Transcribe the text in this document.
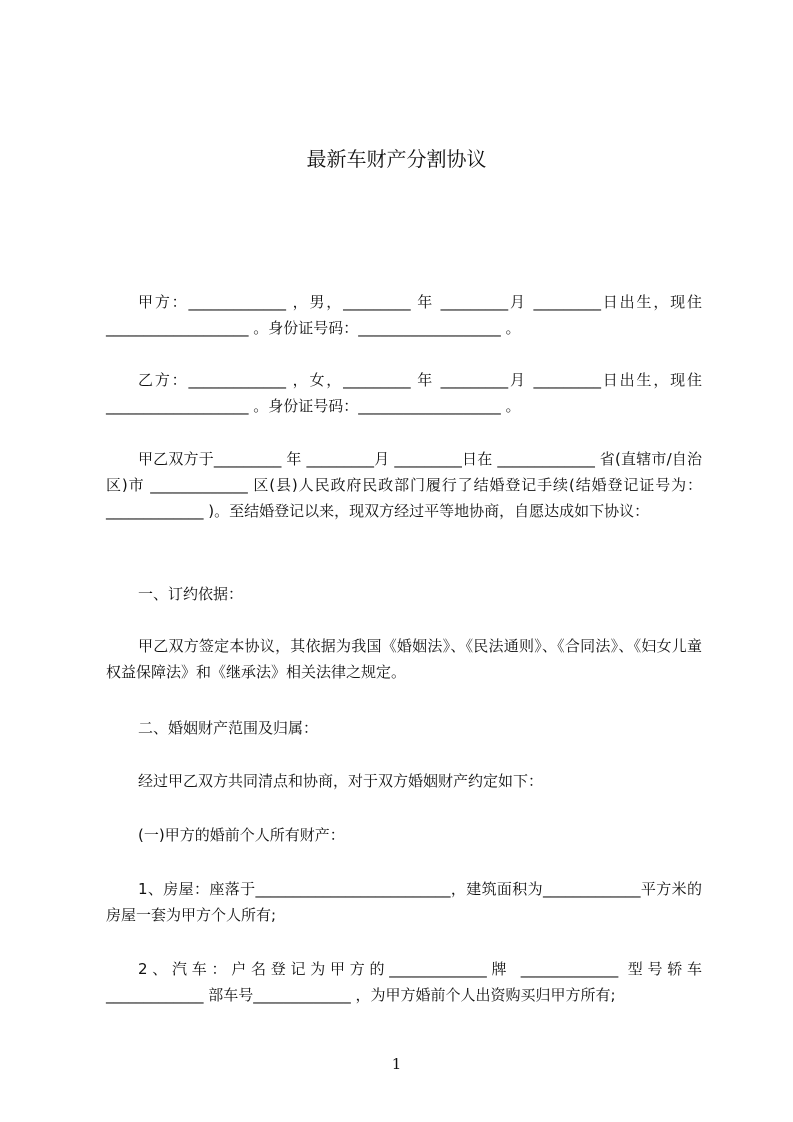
最新车财产分割协议

甲方：_____________ ，男，_________ 年 _________月 _________日出生，现住___________________ 。身份证号码：___________________ 。

乙方：_____________ ，女，_________ 年 _________月 _________日出生，现住___________________ 。身份证号码：___________________ 。

甲乙双方于_________ 年 _________月 _________日在 _____________ 省(直辖市/自治区)市 _____________ 区(县)人民政府民政部门履行了结婚登记手续(结婚登记证号为： _____________ )。至结婚登记以来，现双方经过平等地协商，自愿达成如下协议：

一、订约依据：

甲乙双方签定本协议，其依据为我国《婚姻法》、《民法通则》、《合同法》、《妇女儿童权益保障法》和《继承法》相关法律之规定。

二、婚姻财产范围及归属：

经过甲乙双方共同清点和协商，对于双方婚姻财产约定如下：

(一)甲方的婚前个人所有财产：

1、房屋：座落于__________________________，建筑面积为_____________平方米的房屋一套为甲方个人所有;

2、汽车：户名登记为甲方的_____________牌 _____________ 型号轿车_____________ 部车号_____________ ，为甲方婚前个人出资购买归甲方所有;

1
